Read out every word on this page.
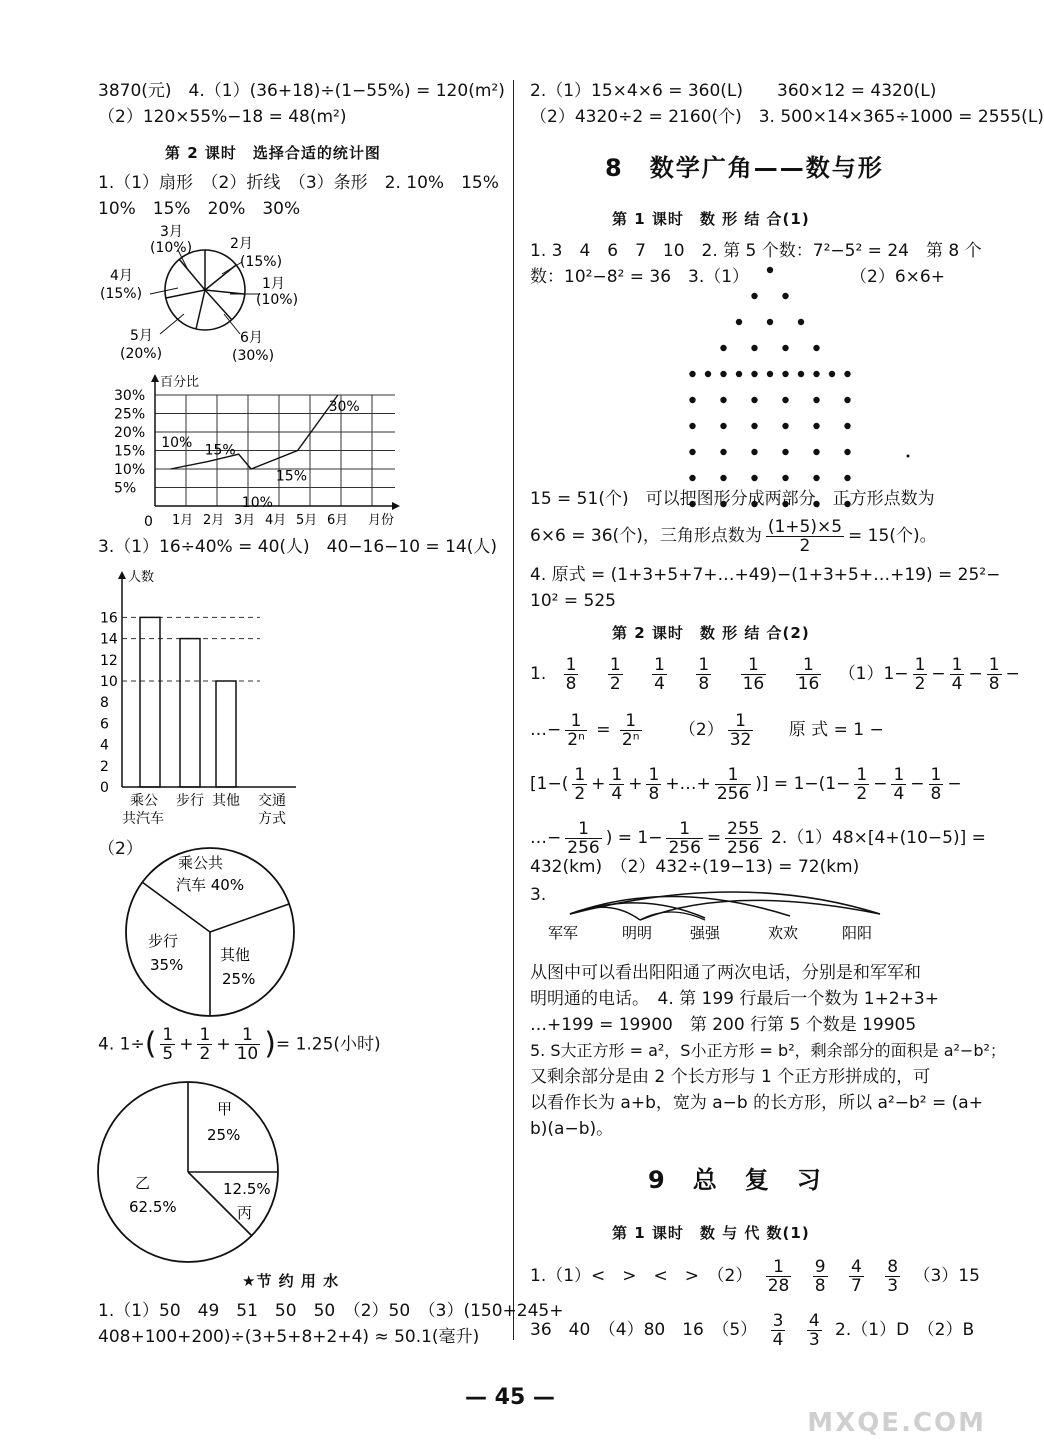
3870(元)　4.（1）(36+18)÷(1−55%) = 120(m²)
（2）120×55%−18 = 48(m²)
第 2 课时　选择合适的统计图
1.（1）扇形　（2）折线　（3）条形　2. 10%　15%
10%　15%　20%　30%
3月
(10%)	2月
(15%)
4月
(15%)
1月
(10%)
5月
(20%)
6月
(30%)
百分比
月份
30%
25%
20%
15%
10%
5%
0 1月 2月 3月 4月 5月 6月
10% 15%
10%
15%
30%
3.（1）16÷40% = 40(人)　40−16−10 = 14(人)
16
14
12
10
8
6
4
2
0
人数
乘公
共汽车
步行 其他 交通
方式
（2）
乘公共
汽车 40%
步行
35%
其他
25%
4. $1\div( \frac{1}{5} + \frac{1}{2} + \frac{1}{10}$ )= 1.25(小时)
甲
25%
乙
62.5%
12.5%
丙
★节 约 用 水
1.（1）50　49　51　50　50　（2）50　（3）(150+245+
408+100+200)÷(3+5+8+2+4) ≈ 50.1(毫升)
2.（1）15×4×6 = 360(L)　　360×12 = 4320(L)
（2）4320÷2 = 2160(个)　3. 500×14×365÷1000 = 2555(L)
8　数学广角——数与形
第 1 课时　数 形 结 合(1)
1. 3　4　6　7　10　2. 第 5 个数：7²−5² = 24　第 8 个
数：10²−8² = 36　3.（1）	（2）6×6+
15 = 51(个)　可以把图形分成两部分，正方形点数为
6×6 = 36(个)，三角形点数为 $\frac{(1+5)\times 5}{2} = 15$(个)。
4. 原式 = (1+3+5+7+…+49)−(1+3+5+…+19) = 25²−
10² = 525
第 2 课时　数 形 结 合(2)
1. $\frac{1}{8}$
$\frac{1}{2}$
$\frac{1}{4}$
$\frac{1}{8}$
$\frac{1}{16}$
$\frac{1}{16} (1)1- \frac{1}{2} - \frac{1}{4} - \frac{1}{8}$ −
…− $\frac{1}{\text{2ⁿ}} = \frac{1}{\text{2ⁿ}} (2) \frac{1}{32}$ 原 式 = 1 −
[$1-( \frac{1}{2} + \frac{1}{4} + \frac{1}{8}$ +…+ $\frac{1}{256}$ )] = $1-(1- \frac{1}{2} - \frac{1}{4} - \frac{1}{8}$ −
…− $\frac{1}{256}$ ) = $1- \frac{1}{256} = \frac{255}{256} 2.(1)48\times[4+(10-5)]$ =
432(km)　（2）432÷(19−13) = 72(km)
3.
军军	明明	强强	欢欢	阳阳
从图中可以看出阳阳通了两次电话，分别是和军军和
明明通的电话。　4. 第 199 行最后一个数为 1+2+3+
…+199 = 19900　第 200 行第 5 个数是 19905
5. S大正方形 = a²，S小正方形 = b²，剩余部分的面积是 a²−b²；
又剩余部分是由 2 个长方形与 1 个正方形拼成的，可
以看作长为 a+b，宽为 a−b 的长方形，所以 a²−b² = (a+
b)(a−b)。
9　总　复　习
第 1 课时　数 与 代 数(1)
1.（1）<　>　<　>　$(2) \frac{1}{28}$
$\frac{9}{8}$
$\frac{4}{7}$
$\frac{8}{3} (3)15$
36　40　（4）80　16　$(5) \frac{3}{4}$
$\frac{4}{3} 2.(1)D$　（2）B
— 45 —
MXQE.COM
